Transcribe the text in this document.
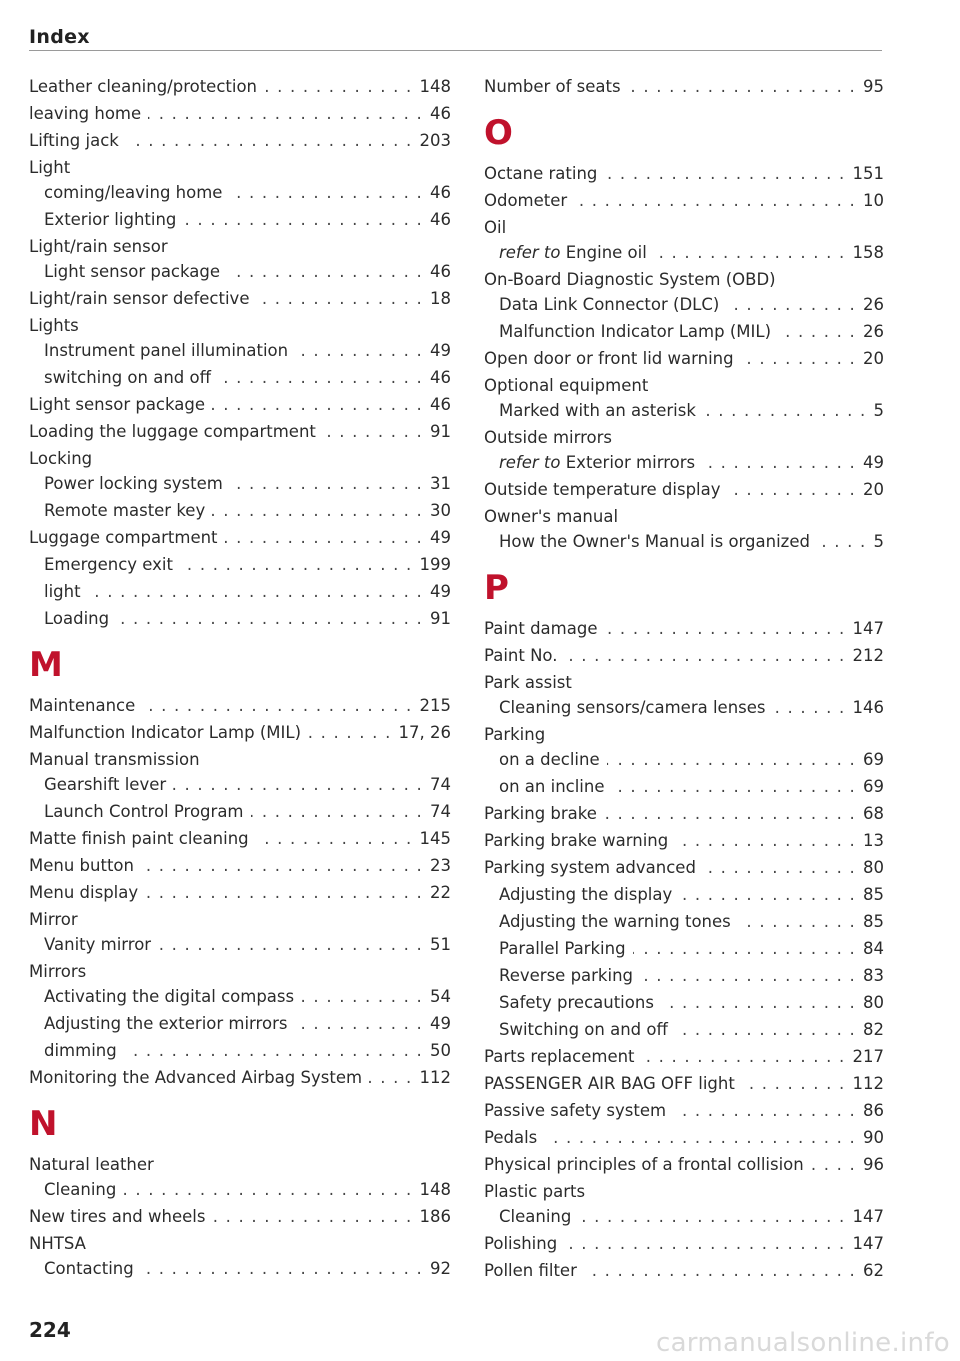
Index
Leather cleaning/protection . . .	148
leaving home . . .	46
Lifting jack . . .	203
Light
coming/leaving home . . .	46
Exterior lighting . . .	46
Light/rain sensor
Light sensor package . . .	46
Light/rain sensor defective . . .	18
Lights
Instrument panel illumination . . .	49
switching on and off . . .	46
Light sensor package . . .	46
Loading the luggage compartment . . .	91
Locking
Power locking system . . .	31
Remote master key . . .	30
Luggage compartment . . .	49
Emergency exit . . .	199
light . . .	49
Loading . . .	91
M
Maintenance . . .	215
Malfunction Indicator Lamp (MIL) . . .	17, 26
Manual transmission
Gearshift lever . . .	74
Launch Control Program . . .	74
Matte finish paint cleaning . . .	145
Menu button . . .	23
Menu display . . .	22
Mirror
Vanity mirror . . .	51
Mirrors
Activating the digital compass . . .	54
Adjusting the exterior mirrors . . .	49
dimming . . .	50
Monitoring the Advanced Airbag System . . .	112
N
Natural leather
Cleaning . . .	148
New tires and wheels . . .	186
NHTSA
Contacting . . .	92
Number of seats . . .	95
O
Octane rating . . .	151
Odometer . . .	10
Oil
refer to Engine oil . . .	158
On-Board Diagnostic System (OBD)
Data Link Connector (DLC) . . .	26
Malfunction Indicator Lamp (MIL) . . .	26
Open door or front lid warning . . .	20
Optional equipment
Marked with an asterisk . . .	5
Outside mirrors
refer to Exterior mirrors . . .	49
Outside temperature display . . .	20
Owner's manual
How the Owner's Manual is organized . . .	5
P
Paint damage . . .	147
Paint No. . . .	212
Park assist
Cleaning sensors/camera lenses . . .	146
Parking
on a decline . . .	69
on an incline . . .	69
Parking brake . . .	68
Parking brake warning . . .	13
Parking system advanced . . .	80
Adjusting the display . . .	85
Adjusting the warning tones . . .	85
Parallel Parking . . .	84
Reverse parking . . .	83
Safety precautions . . .	80
Switching on and off . . .	82
Parts replacement . . .	217
PASSENGER AIR BAG OFF light . . .	112
Passive safety system . . .	86
Pedals . . .	90
Physical principles of a frontal collision . . .	96
Plastic parts
Cleaning . . .	147
Polishing . . .	147
Pollen filter . . .	62
224	carmanualsonline.info
